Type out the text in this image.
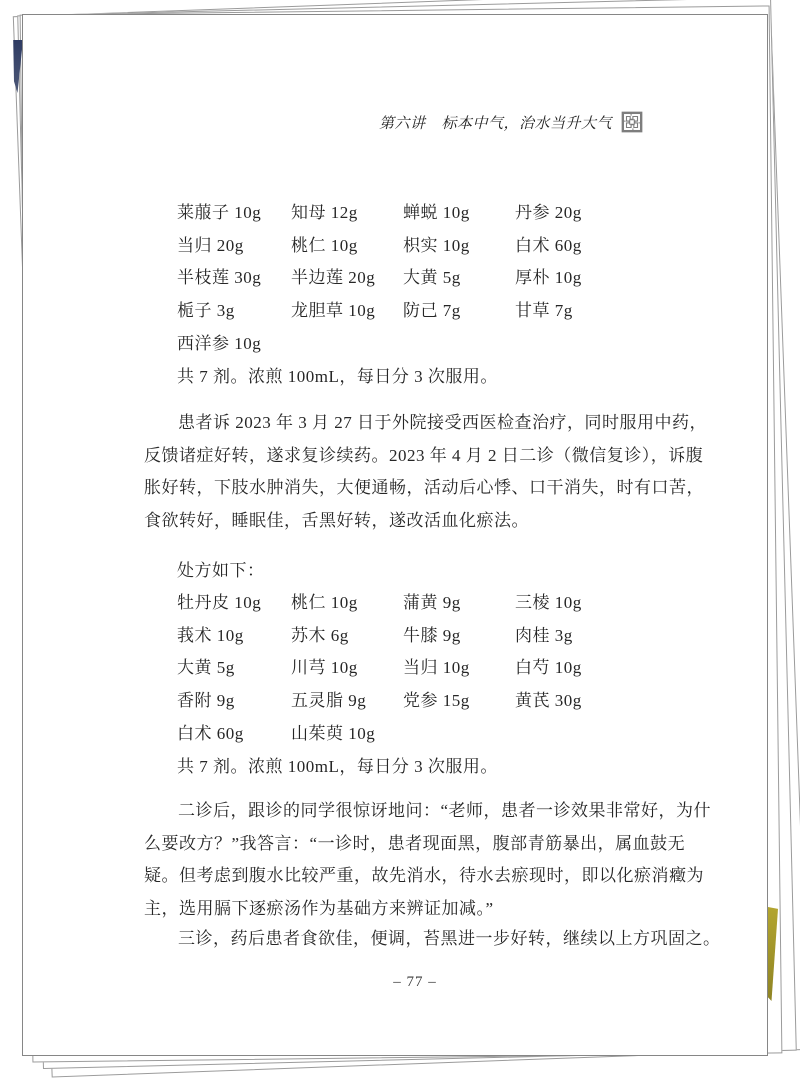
第六讲 标本中气，治水当升大气
莱菔子 10g	知母 12g	蝉蜕 10g	丹参 20g
当归 20g	桃仁 10g	枳实 10g	白术 60g
半枝莲 30g	半边莲 20g	大黄 5g	厚朴 10g
栀子 3g	龙胆草 10g	防己 7g	甘草 7g
西洋参 10g
共 7 剂。浓煎 100mL，每日分 3 次服用。
患者诉 2023 年 3 月 27 日于外院接受西医检查治疗，同时服用中药，
反馈诸症好转，遂求复诊续药。2023 年 4 月 2 日二诊（微信复诊），诉腹
胀好转，下肢水肿消失，大便通畅，活动后心悸、口干消失，时有口苦，
食欲转好，睡眠佳，舌黑好转，遂改活血化瘀法。
处方如下：
牡丹皮 10g	桃仁 10g	蒲黄 9g	三棱 10g
莪术 10g	苏木 6g	牛膝 9g	肉桂 3g
大黄 5g	川芎 10g	当归 10g	白芍 10g
香附 9g	五灵脂 9g	党参 15g	黄芪 30g
白术 60g	山茱萸 10g
共 7 剂。浓煎 100mL，每日分 3 次服用。
二诊后，跟诊的同学很惊讶地问：“老师，患者一诊效果非常好，为什
么要改方？”我答言：“一诊时，患者现面黑，腹部青筋暴出，属血鼓无
疑。但考虑到腹水比较严重，故先消水，待水去瘀现时，即以化瘀消癥为
主，选用膈下逐瘀汤作为基础方来辨证加减。”
三诊，药后患者食欲佳，便调，苔黑进一步好转，继续以上方巩固之。
– 77 –
